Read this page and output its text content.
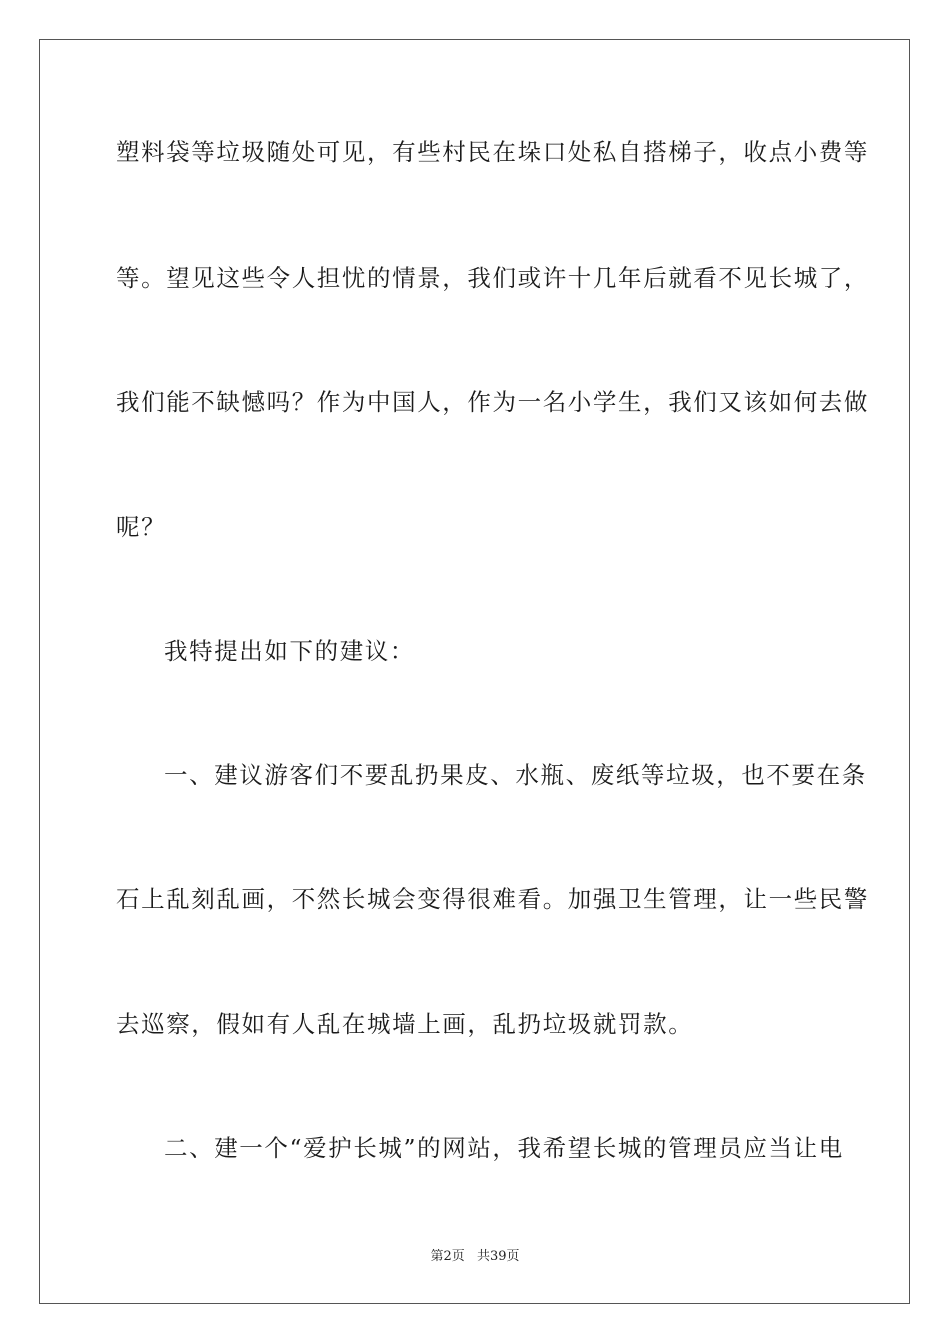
塑料袋等垃圾随处可见，有些村民在垛口处私自搭梯子，收点小费等
等。望见这些令人担忧的情景，我们或许十几年后就看不见长城了，
我们能不缺憾吗？作为中国人，作为一名小学生，我们又该如何去做
呢？
我特提出如下的建议：
一、建议游客们不要乱扔果皮、水瓶、废纸等垃圾，也不要在条
石上乱刻乱画，不然长城会变得很难看。加强卫生管理，让一些民警
去巡察，假如有人乱在城墙上画，乱扔垃圾就罚款。
二、建一个“爱护长城”的网站，我希望长城的管理员应当让电
第2页 共39页
